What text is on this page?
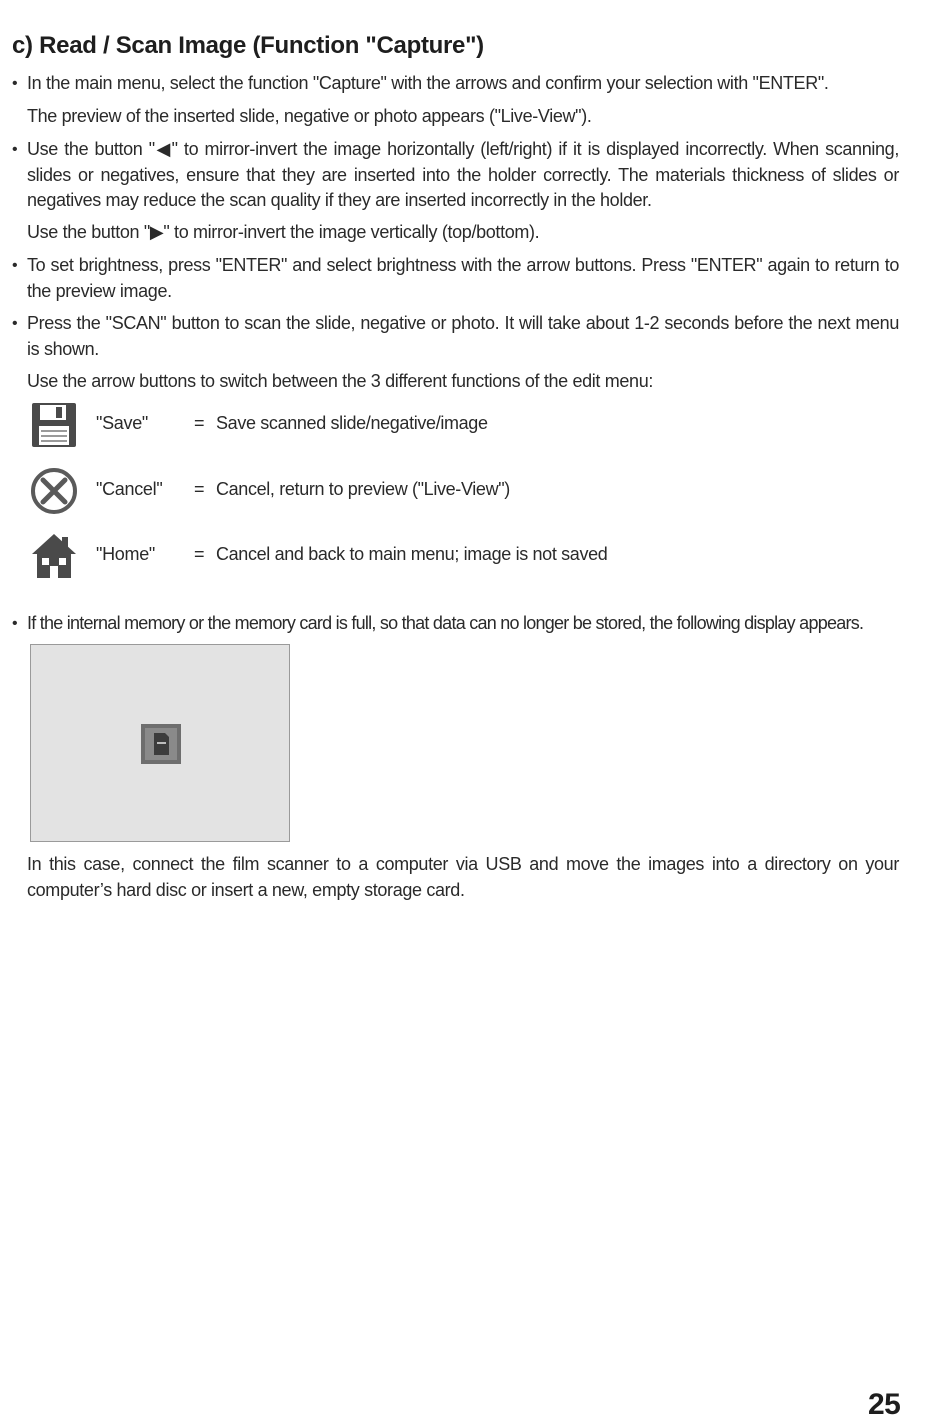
c) Read / Scan Image (Function "Capture")
• In the main menu, select the function "Capture" with the arrows and confirm your selection with "ENTER".

The preview of the inserted slide, negative or photo appears ("Live-View").

• Use the button "◀" to mirror-invert the image horizontally (left/right) if it is displayed incorrectly. When scanning, slides or negatives, ensure that they are inserted into the holder correctly. The materials thickness of slides or negatives may reduce the scan quality if they are inserted incorrectly in the holder.

Use the button "▶" to mirror-invert the image vertically (top/bottom).

• To set brightness, press "ENTER" and select brightness with the arrow buttons. Press "ENTER" again to return to the preview image.

• Press the "SCAN" button to scan the slide, negative or photo. It will take about 1-2 seconds before the next menu is shown.

Use the arrow buttons to switch between the 3 different functions of the edit menu:

"Save"	= Save scanned slide/negative/image
"Cancel" = Cancel, return to preview ("Live-View")
"Home" = Cancel and back to main menu; image is not saved
• If the internal memory or the memory card is full, so that data can no longer be stored, the following display appears.

In this case, connect the film scanner to a computer via USB and move the images into a directory on your computer’s hard disc or insert a new, empty storage card.

25
